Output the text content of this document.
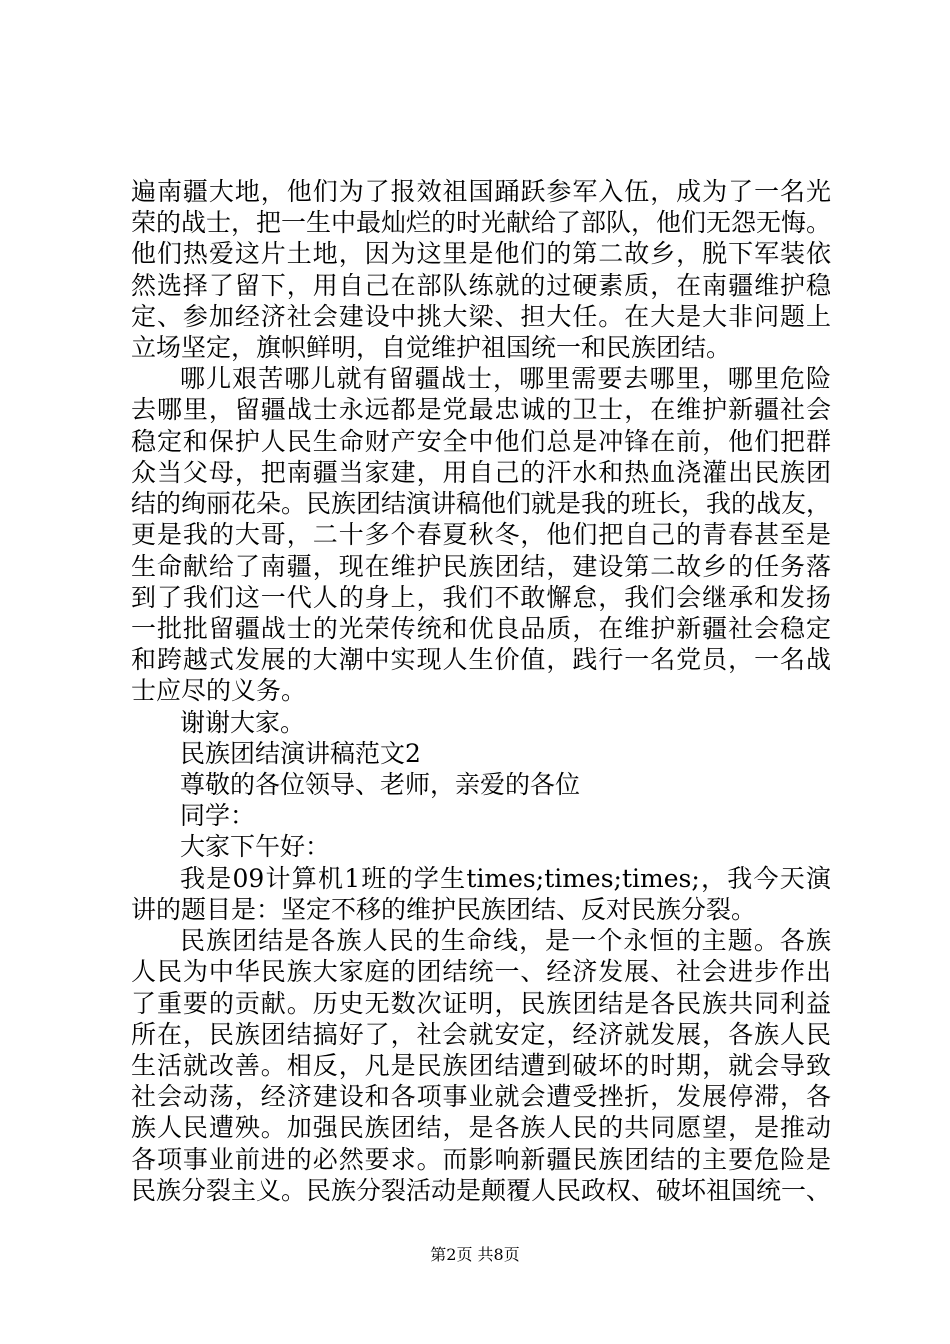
遍南疆大地，他们为了报效祖国踊跃参军入伍，成为了一名光
荣的战士，把一生中最灿烂的时光献给了部队，他们无怨无悔。
他们热爱这片土地，因为这里是他们的第二故乡，脱下军装依
然选择了留下，用自己在部队练就的过硬素质，在南疆维护稳
定、参加经济社会建设中挑大梁、担大任。在大是大非问题上
立场坚定，旗帜鲜明，自觉维护祖国统一和民族团结。
哪儿艰苦哪儿就有留疆战士，哪里需要去哪里，哪里危险
去哪里，留疆战士永远都是党最忠诚的卫士，在维护新疆社会
稳定和保护人民生命财产安全中他们总是冲锋在前，他们把群
众当父母，把南疆当家建，用自己的汗水和热血浇灌出民族团
结的绚丽花朵。民族团结演讲稿他们就是我的班长，我的战友，
更是我的大哥，二十多个春夏秋冬，他们把自己的青春甚至是
生命献给了南疆，现在维护民族团结，建设第二故乡的任务落
到了我们这一代人的身上，我们不敢懈怠，我们会继承和发扬
一批批留疆战士的光荣传统和优良品质，在维护新疆社会稳定
和跨越式发展的大潮中实现人生价值，践行一名党员，一名战
士应尽的义务。
谢谢大家。
民族团结演讲稿范文2
尊敬的各位领导、老师，亲爱的各位
同学：
大家下午好：
我是09计算机1班的学生times;times;times;，我今天演
讲的题目是：坚定不移的维护民族团结、反对民族分裂。
民族团结是各族人民的生命线，是一个永恒的主题。各族
人民为中华民族大家庭的团结统一、经济发展、社会进步作出
了重要的贡献。历史无数次证明，民族团结是各民族共同利益
所在，民族团结搞好了，社会就安定，经济就发展，各族人民
生活就改善。相反，凡是民族团结遭到破坏的时期，就会导致
社会动荡，经济建设和各项事业就会遭受挫折，发展停滞，各
族人民遭殃。加强民族团结，是各族人民的共同愿望，是推动
各项事业前进的必然要求。而影响新疆民族团结的主要危险是
民族分裂主义。民族分裂活动是颠覆人民政权、破坏祖国统一、
第2页 共8页
